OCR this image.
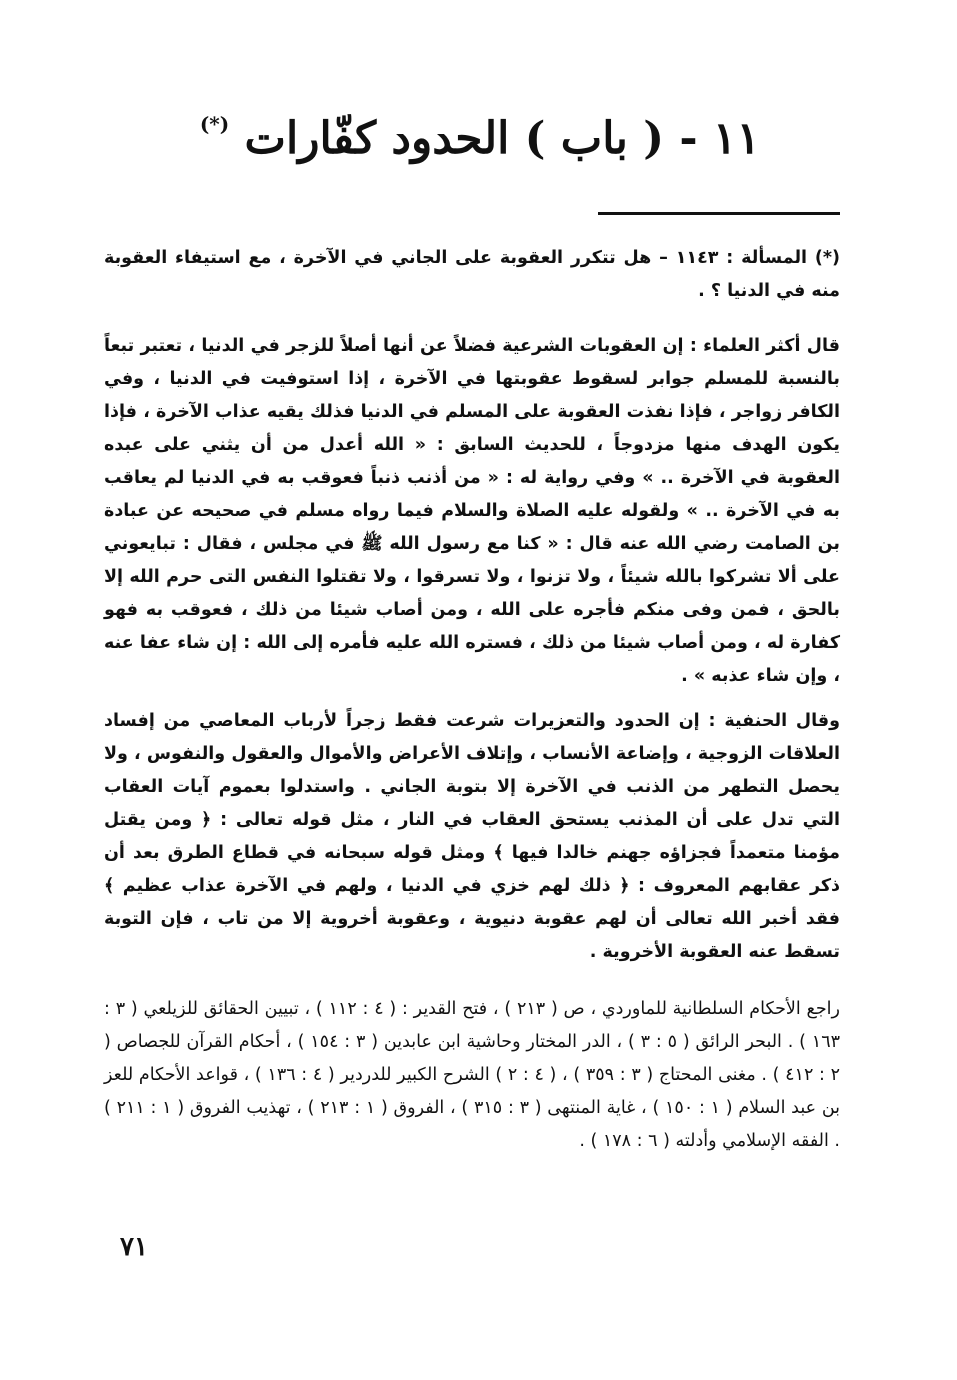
١١ - ( باب ) الحدود كفّارات (*)

(*) المسألة : ١١٤٣ – هل تتكرر العقوبة على الجاني في الآخرة ، مع استيفاء العقوبة منه في الدنيا ؟ .

قال أكثر العلماء : إن العقوبات الشرعية فضلاً عن أنها أصلاً للزجر في الدنيا ، تعتبر تبعاً بالنسبة للمسلم جوابر لسقوط عقوبتها في الآخرة ، إذا استوفيت في الدنيا ، وفي الكافر زواجر ، فإذا نفذت العقوبة على المسلم في الدنيا فذلك يقيه عذاب الآخرة ، فإذا يكون الهدف منها مزدوجاً ، للحديث السابق : « الله أعدل من أن يثني على عبده العقوبة في الآخرة .. » وفي رواية له : « من أذنب ذنباً فعوقب به في الدنيا لم يعاقب به في الآخرة .. » ولقوله عليه الصلاة والسلام فيما رواه مسلم في صحيحه عن عبادة بن الصامت رضي الله عنه قال : « كنا مع رسول الله ﷺ في مجلس ، فقال : تبايعوني على ألا تشركوا بالله شيئاً ، ولا تزنوا ، ولا تسرقوا ، ولا تقتلوا النفس التى حرم الله إلا بالحق ، فمن وفى منكم فأجره على الله ، ومن أصاب شيئا من ذلك ، فعوقب به فهو كفارة له ، ومن أصاب شيئا من ذلك ، فستره الله عليه فأمره إلى الله : إن شاء عفا عنه ، وإن شاء عذبه » .

وقال الحنفية : إن الحدود والتعزيرات شرعت فقط زجراً لأرباب المعاصي من إفساد العلاقات الزوجية ، وإضاعة الأنساب ، وإتلاف الأعراض والأموال والعقول والنفوس ، ولا يحصل التطهر من الذنب في الآخرة إلا بتوبة الجاني . واستدلوا بعموم آيات العقاب التي تدل على أن المذنب يستحق العقاب في النار ، مثل قوله تعالى : ﴿ ومن يقتل مؤمنا متعمداً فجزاؤه جهنم خالدا فيها ﴾ ومثل قوله سبحانه في قطاع الطرق بعد أن ذكر عقابهم المعروف : ﴿ ذلك لهم خزي في الدنيا ، ولهم في الآخرة عذاب عظيم ﴾ فقد أخبر الله تعالى أن لهم عقوبة دنيوية ، وعقوبة أخروية إلا من تاب ، فإن التوبة تسقط عنه العقوبة الأخروية .

راجع الأحكام السلطانية للماوردي ، ص ( ٢١٣ ) ، فتح القدير : ( ٤ : ١١٢ ) ، تبيين الحقائق للزيلعي ( ٣ : ١٦٣ ) . البحر الرائق ( ٥ : ٣ ) ، الدر المختار وحاشية ابن عابدين ( ٣ : ١٥٤ ) ، أحكام القرآن للجصاص ( ٢ : ٤١٢ ) . مغنى المحتاج ( ٣ : ٣٥٩ ) ، ( ٤ : ٢ ) الشرح الكبير للدردير ( ٤ : ١٣٦ ) ، قواعد الأحكام للعز بن عبد السلام ( ١ : ١٥٠ ) ، غاية المنتهى ( ٣ : ٣١٥ ) ، الفروق ( ١ : ٢١٣ ) ، تهذيب الفروق ( ١ : ٢١١ ) . الفقه الإسلامي وأدلته ( ٦ : ١٧٨ ) .

٧١
